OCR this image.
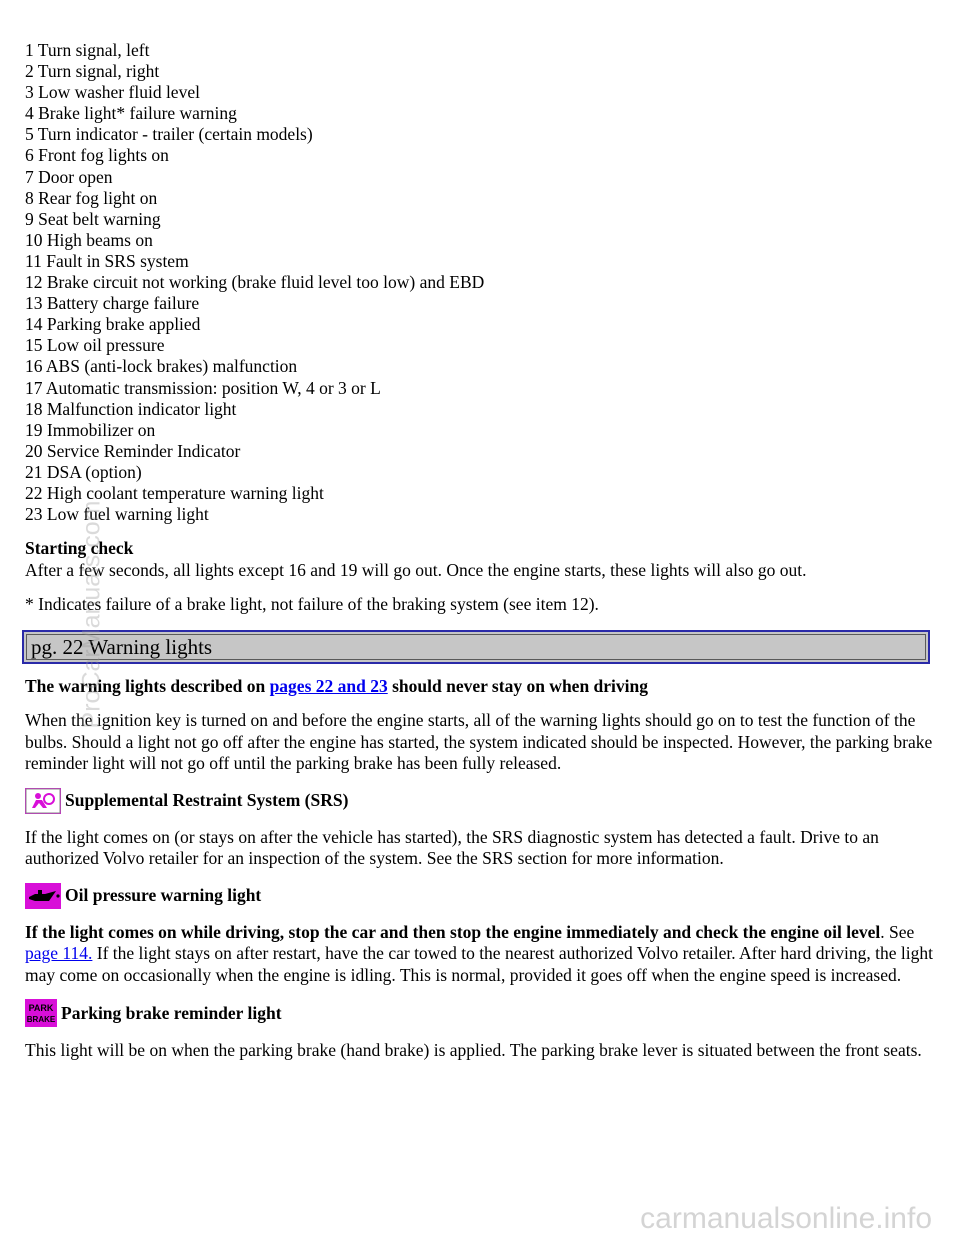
1 Turn signal, left
2 Turn signal, right
3 Low washer fluid level
4 Brake light* failure warning
5 Turn indicator - trailer (certain models)
6 Front fog lights on
7 Door open
8 Rear fog light on
9 Seat belt warning
10 High beams on
11 Fault in SRS system
12 Brake circuit not working (brake fluid level too low) and EBD
13 Battery charge failure
14 Parking brake applied
15 Low oil pressure
16 ABS (anti-lock brakes) malfunction
17 Automatic transmission: position W, 4 or 3 or L
18 Malfunction indicator light
19 Immobilizer on
20 Service Reminder Indicator
21 DSA (option)
22 High coolant temperature warning light
23 Low fuel warning light
Starting check
After a few seconds, all lights except 16 and 19 will go out. Once the engine starts, these lights will also go out.
* Indicates failure of a brake light, not failure of the braking system (see item 12).
pg. 22 Warning lights
The warning lights described on pages 22 and 23 should never stay on when driving
When the ignition key is turned on and before the engine starts, all of the warning lights should go on to test the function of the bulbs. Should a light not go off after the engine has started, the system indicated should be inspected. However, the parking brake reminder light will not go off until the parking brake has been fully released.
Supplemental Restraint System (SRS)
If the light comes on (or stays on after the vehicle has started), the SRS diagnostic system has detected a fault. Drive to an authorized Volvo retailer for an inspection of the system. See the SRS section for more information.
Oil pressure warning light
If the light comes on while driving, stop the car and then stop the engine immediately and check the engine oil level. See page 114. If the light stays on after restart, have the car towed to the nearest authorized Volvo retailer. After hard driving, the light may come on occasionally when the engine is idling. This is normal, provided it goes off when the engine speed is increased.
PARK
BRAKE Parking brake reminder light
This light will be on when the parking brake (hand brake) is applied. The parking brake lever is situated between the front seats.
ProCarManuals.com
carmanualsonline.info
